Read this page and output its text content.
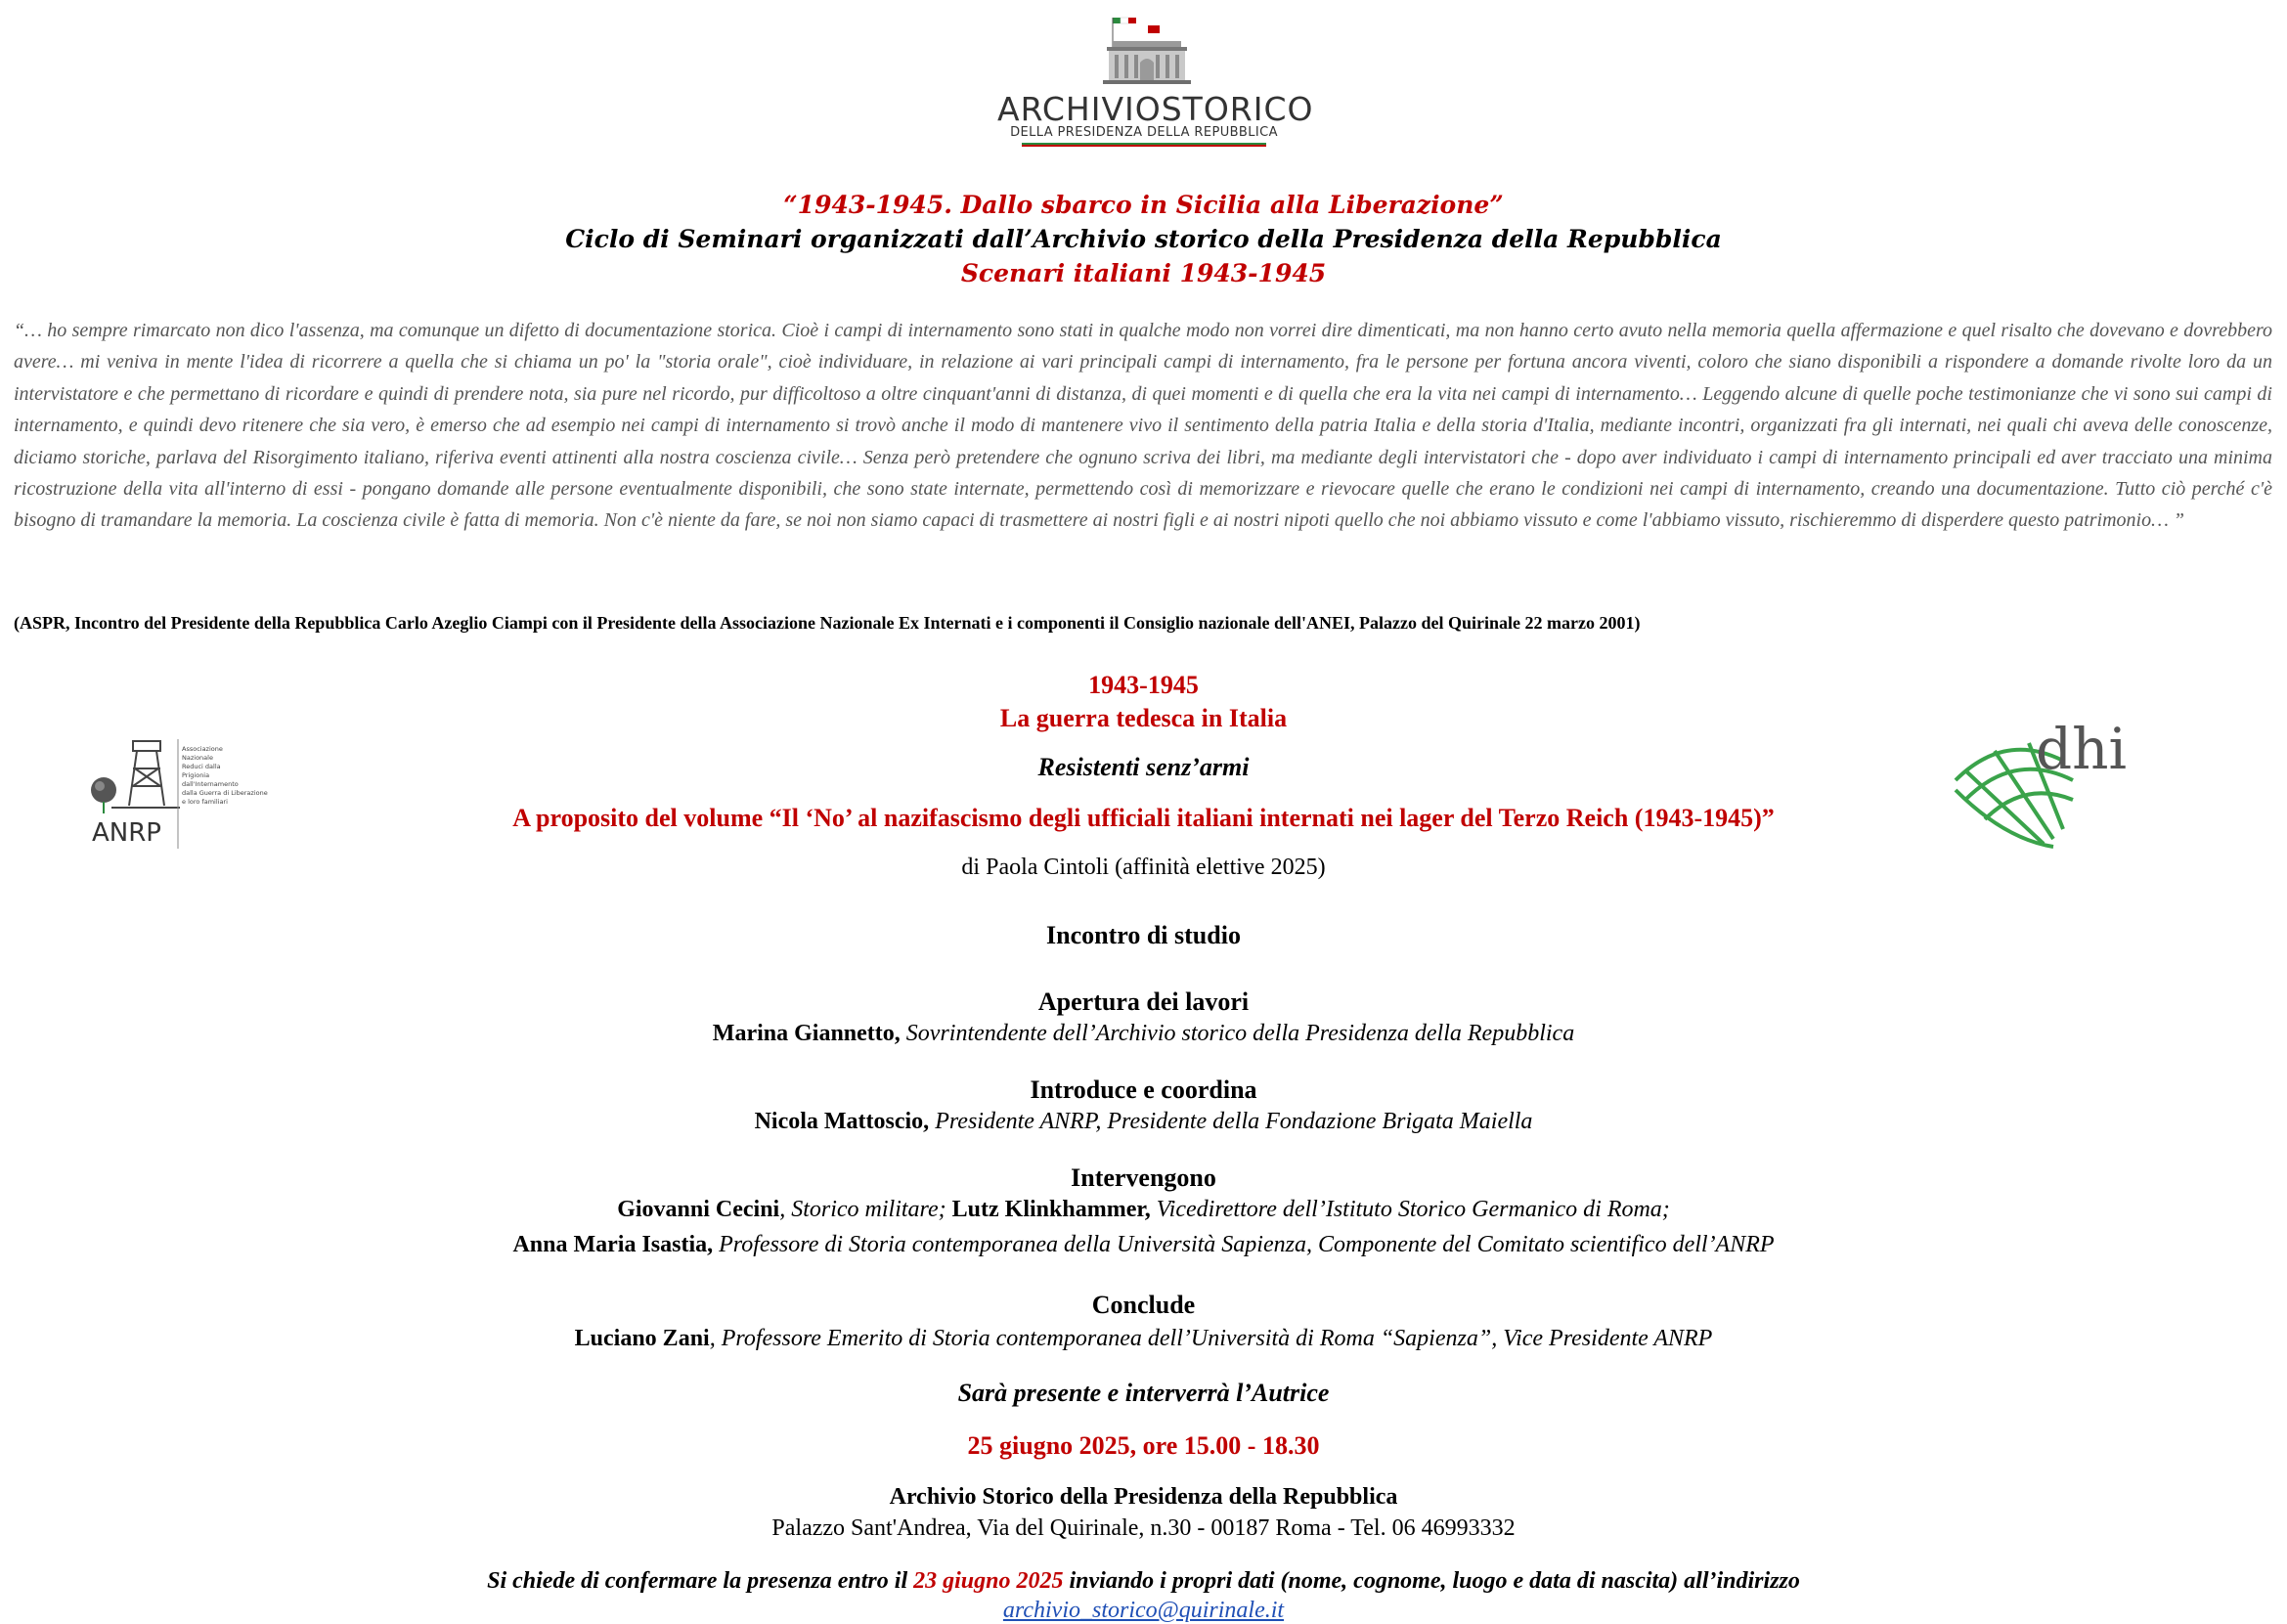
ARCHIVIOSTORICO
DELLA PRESIDENZA DELLA REPUBBLICA
“1943-1945. Dallo sbarco in Sicilia alla Liberazione”
Ciclo di Seminari organizzati dall’Archivio storico della Presidenza della Repubblica
Scenari italiani 1943-1945
“… ho sempre rimarcato non dico l'assenza, ma comunque un difetto di documentazione storica. Cioè i campi di internamento sono stati in qualche modo non vorrei dire dimenticati, ma non hanno certo avuto nella memoria quella affermazione e quel risalto che dovevano e dovrebbero avere… mi veniva in mente l'idea di ricorrere a quella che si chiama un po' la "storia orale", cioè individuare, in relazione ai vari principali campi di internamento, fra le persone per fortuna ancora viventi, coloro che siano disponibili a rispondere a domande rivolte loro da un intervistatore e che permettano di ricordare e quindi di prendere nota, sia pure nel ricordo, pur difficoltoso a oltre cinquant'anni di distanza, di quei momenti e di quella che era la vita nei campi di internamento… Leggendo alcune di quelle poche testimonianze che vi sono sui campi di internamento, e quindi devo ritenere che sia vero, è emerso che ad esempio nei campi di internamento si trovò anche il modo di mantenere vivo il sentimento della patria Italia e della storia d'Italia, mediante incontri, organizzati fra gli internati, nei quali chi aveva delle conoscenze, diciamo storiche, parlava del Risorgimento italiano, riferiva eventi attinenti alla nostra coscienza civile… Senza però pretendere che ognuno scriva dei libri, ma mediante degli intervistatori che - dopo aver individuato i campi di internamento principali ed aver tracciato una minima ricostruzione della vita all'interno di essi - pongano domande alle persone eventualmente disponibili, che sono state internate, permettendo così di memorizzare e rievocare quelle che erano le condizioni nei campi di internamento, creando una documentazione. Tutto ciò perché c'è bisogno di tramandare la memoria. La coscienza civile è fatta di memoria. Non c'è niente da fare, se noi non siamo capaci di trasmettere ai nostri figli e ai nostri nipoti quello che noi abbiamo vissuto e come l'abbiamo vissuto, rischieremmo di disperdere questo patrimonio… ”
(ASPR, Incontro del Presidente della Repubblica Carlo Azeglio Ciampi con il Presidente della Associazione Nazionale Ex Internati e i componenti il Consiglio nazionale dell'ANEI, Palazzo del Quirinale 22 marzo 2001)
1943-1945
La guerra tedesca in Italia
Resistenti senz’armi
A proposito del volume “Il ‘No’ al nazifascismo degli ufficiali italiani internati nei lager del Terzo Reich (1943-1945)”
di Paola Cintoli (affinità elettive 2025)
Incontro di studio
ANRP
Associazione
Nazionale
Reduci dalla
Prigionia
dall'Internamento
dalla Guerra di Liberazione
e loro familiari
dhi
Apertura dei lavori
Marina Giannetto, Sovrintendente dell’Archivio storico della Presidenza della Repubblica
Introduce e coordina
Nicola Mattoscio, Presidente ANRP, Presidente della Fondazione Brigata Maiella
Intervengono
Giovanni Cecini, Storico militare; Lutz Klinkhammer, Vicedirettore dell’Istituto Storico Germanico di Roma;
Anna Maria Isastia, Professore di Storia contemporanea della Università Sapienza, Componente del Comitato scientifico dell’ANRP
Conclude
Luciano Zani, Professore Emerito di Storia contemporanea dell’Università di Roma “Sapienza”, Vice Presidente ANRP
Sarà presente e interverrà l’Autrice
25 giugno 2025, ore 15.00 - 18.30
Archivio Storico della Presidenza della Repubblica
Palazzo Sant'Andrea, Via del Quirinale, n.30 - 00187 Roma - Tel. 06 46993332
Si chiede di confermare la presenza entro il 23 giugno 2025 inviando i propri dati (nome, cognome, luogo e data di nascita) all’indirizzo
archivio_storico@quirinale.it
